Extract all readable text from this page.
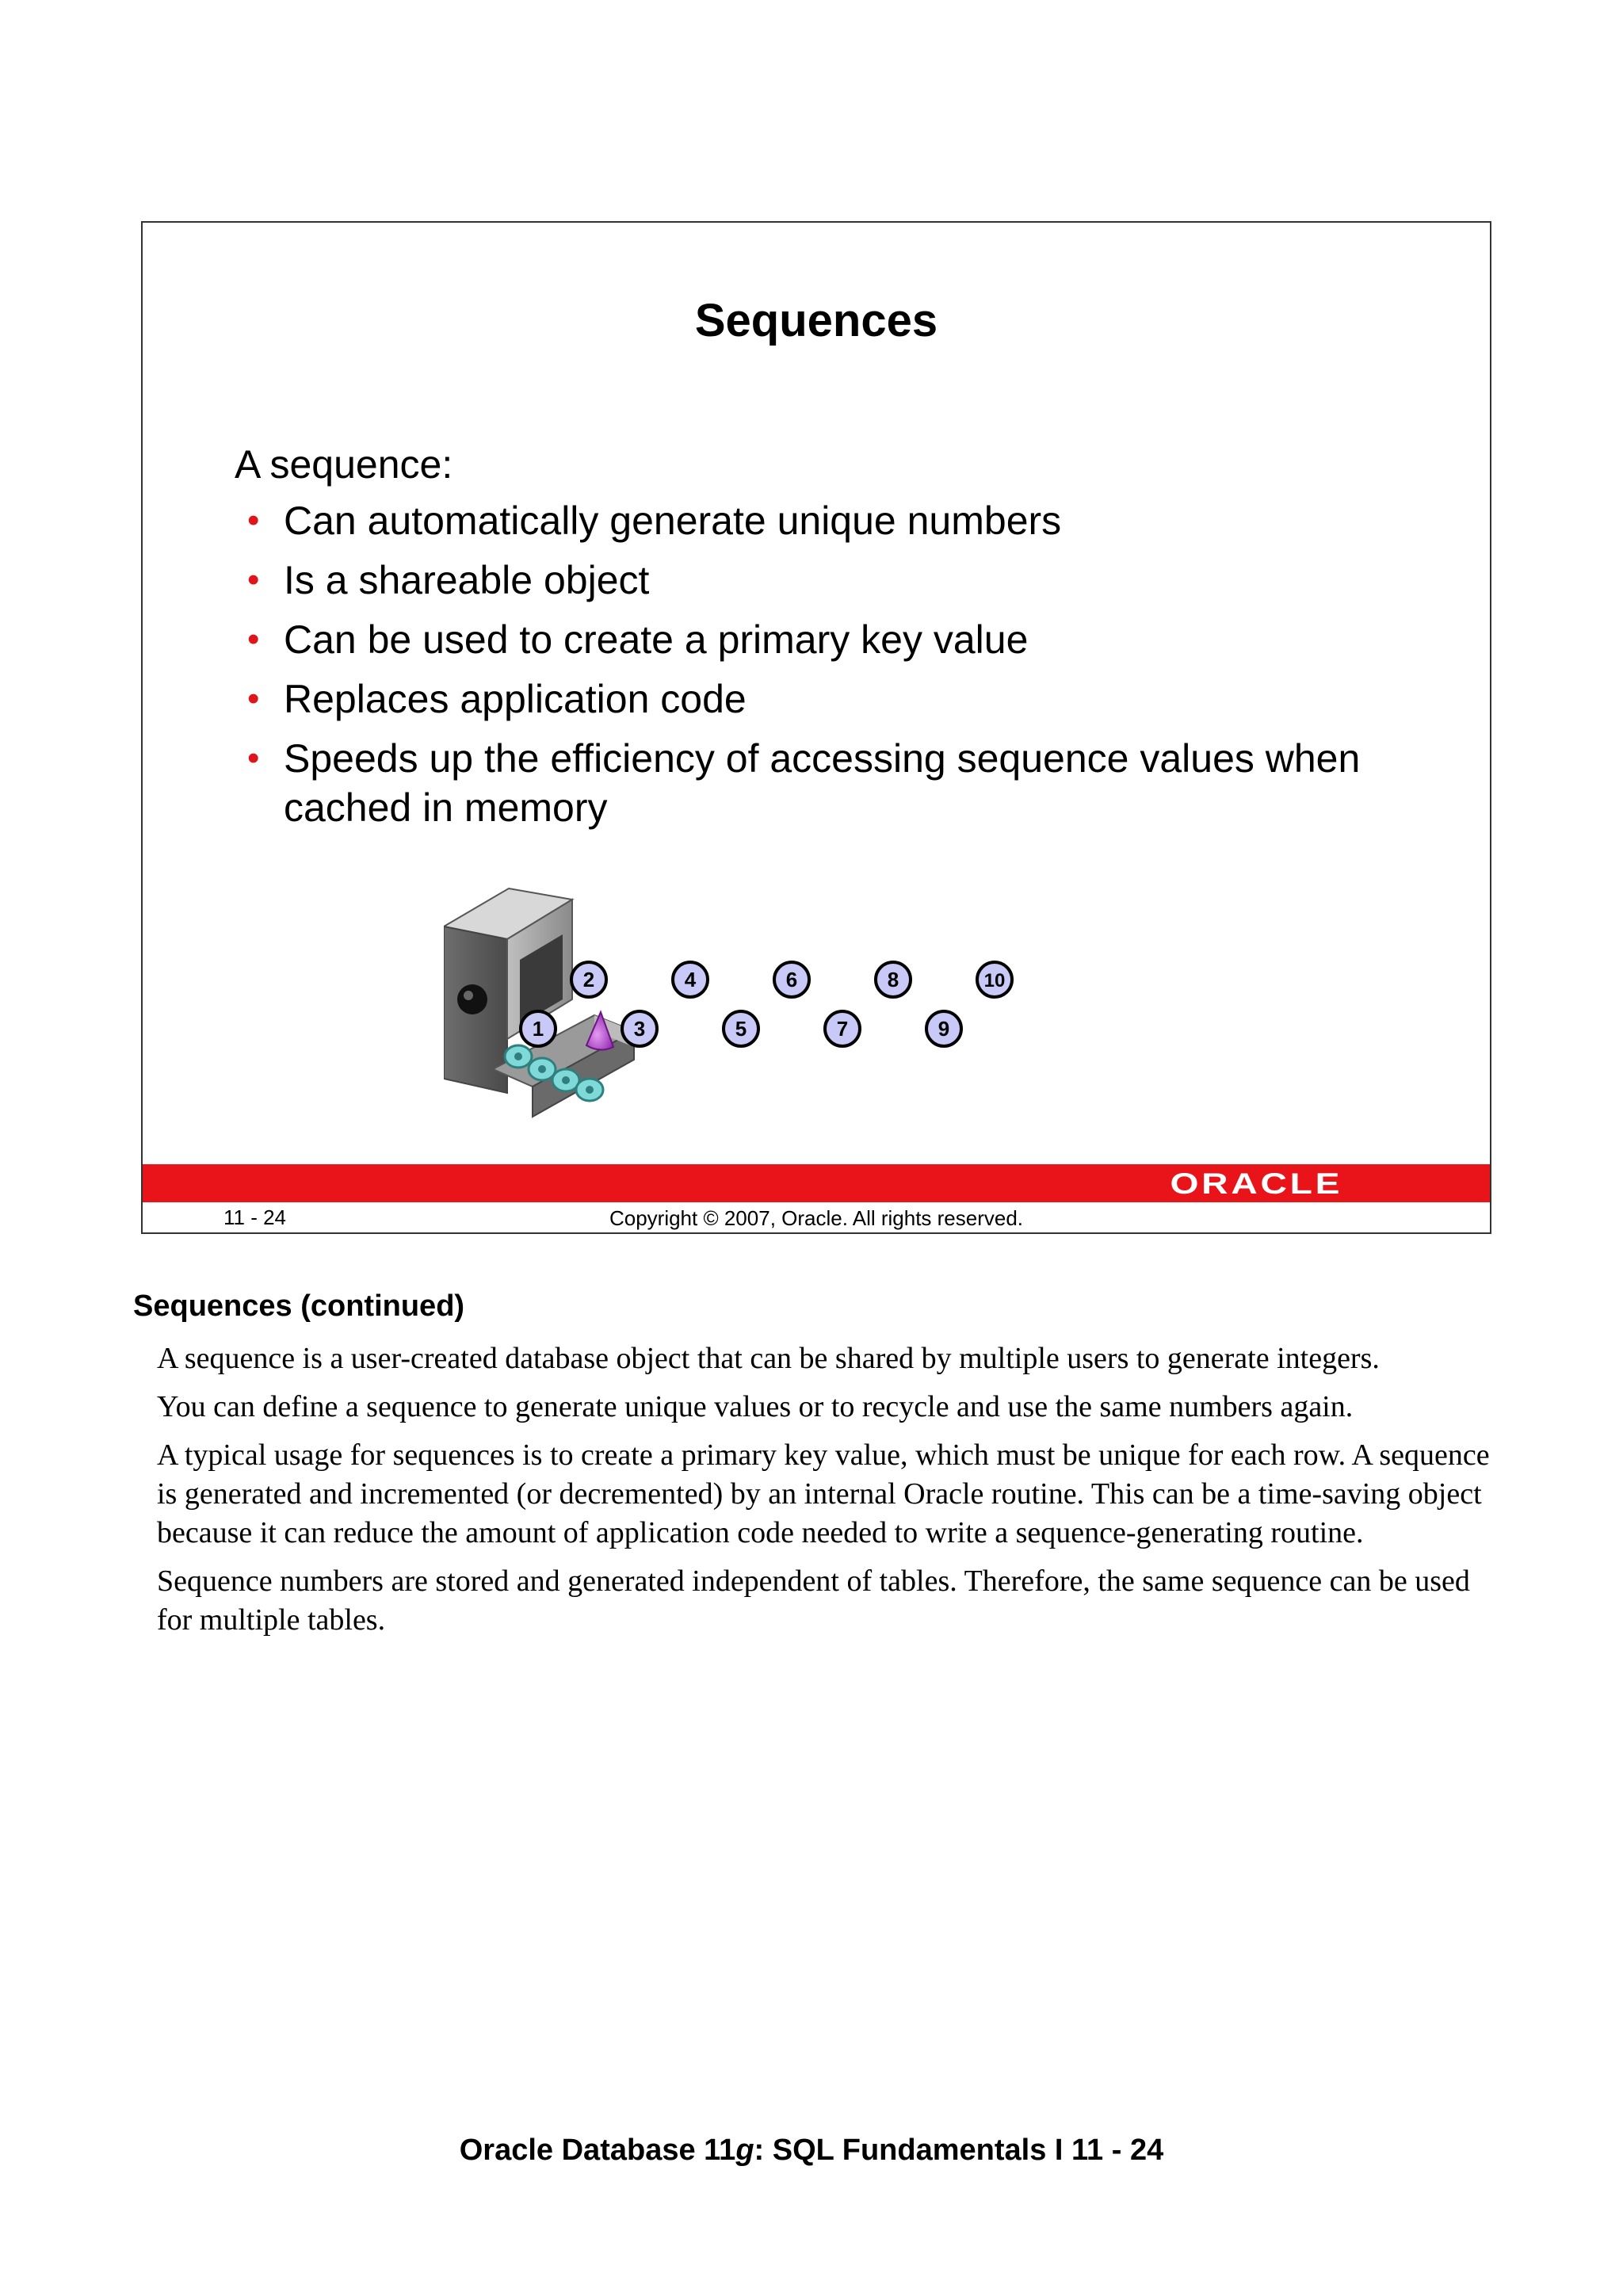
Sequences
A sequence:
• Can automatically generate unique numbers
• Is a shareable object
• Can be used to create a primary key value
• Replaces application code
• Speeds up the efficiency of accessing sequence values when cached in memory
1
2
3
4
5
6
7
8
9
10
ORACLE
11 - 24	Copyright © 2007, Oracle. All rights reserved.
Sequences (continued)

A sequence is a user-created database object that can be shared by multiple users to generate integers.

You can define a sequence to generate unique values or to recycle and use the same numbers again.

A typical usage for sequences is to create a primary key value, which must be unique for each row. A sequence is generated and incremented (or decremented) by an internal Oracle routine. This can be a time-saving object because it can reduce the amount of application code needed to write a sequence-generating routine.

Sequence numbers are stored and generated independent of tables. Therefore, the same sequence can be used for multiple tables.

Oracle Database 11g: SQL Fundamentals I 11 - 24
